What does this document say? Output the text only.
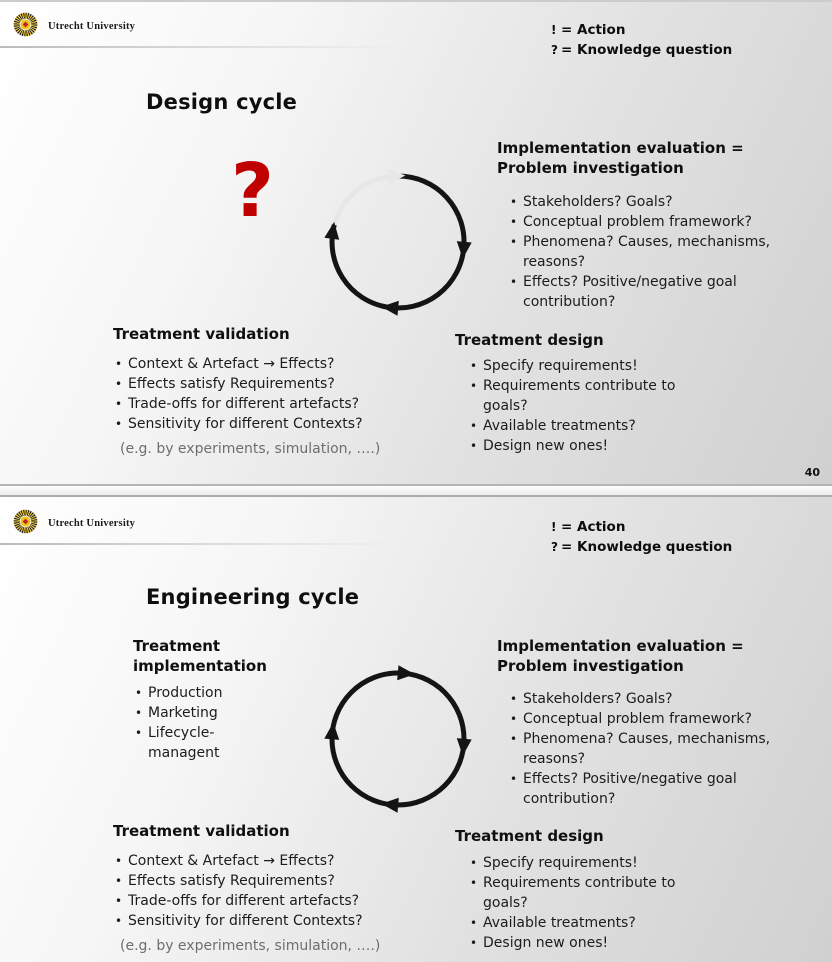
Utrecht University	! = Action
? = Knowledge question
Design cycle
?	Implementation evaluation =
Problem investigation
• Stakeholders? Goals?
• Conceptual problem framework?
• Phenomena? Causes, mechanisms, reasons?
• Effects? Positive/negative goal contribution?
Treatment validation
• Context & Artefact → Effects?
• Effects satisfy Requirements?
• Trade-offs for different artefacts?
• Sensitivity for different Contexts?
(e.g. by experiments, simulation, ….)
Treatment design
• Specify requirements!
• Requirements contribute to goals?
• Available treatments?
• Design new ones!
40
Utrecht University	! = Action
? = Knowledge question
Engineering cycle
Treatment implementation
• Production
• Marketing
• Lifecycle-managent
Implementation evaluation =
Problem investigation
• Stakeholders? Goals?
• Conceptual problem framework?
• Phenomena? Causes, mechanisms, reasons?
• Effects? Positive/negative goal contribution?
Treatment validation
• Context & Artefact → Effects?
• Effects satisfy Requirements?
• Trade-offs for different artefacts?
• Sensitivity for different Contexts?
(e.g. by experiments, simulation, ….)
Treatment design
• Specify requirements!
• Requirements contribute to goals?
• Available treatments?
• Design new ones!
